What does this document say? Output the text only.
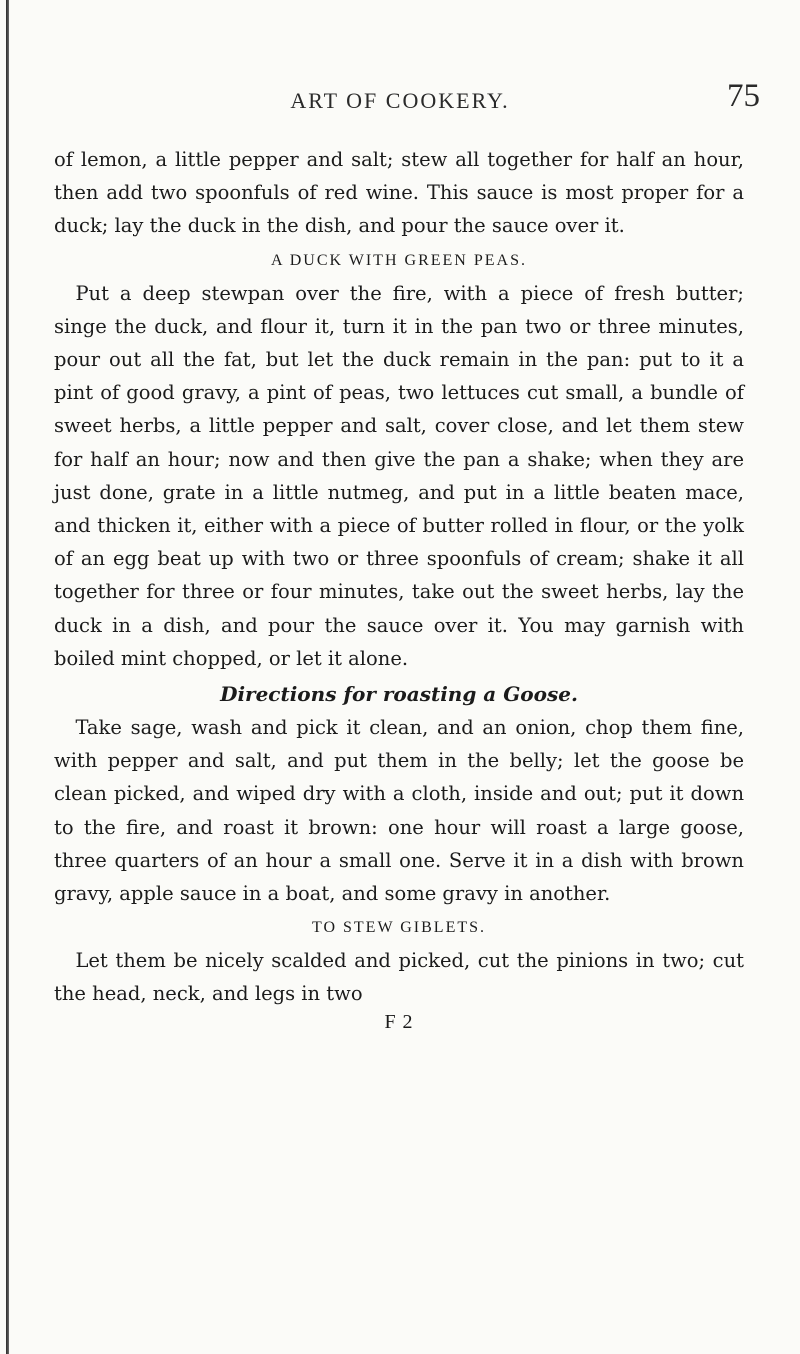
ART OF COOKERY.	75

of lemon, a little pepper and salt; stew all together for half an hour, then add two spoonfuls of red wine. This sauce is most proper for a duck; lay the duck in the dish, and pour the sauce over it.

A DUCK WITH GREEN PEAS.

Put a deep stewpan over the fire, with a piece of fresh butter; singe the duck, and flour it, turn it in the pan two or three minutes, pour out all the fat, but let the duck remain in the pan: put to it a pint of good gravy, a pint of peas, two lettuces cut small, a bundle of sweet herbs, a little pepper and salt, cover close, and let them stew for half an hour; now and then give the pan a shake; when they are just done, grate in a little nutmeg, and put in a little beaten mace, and thicken it, either with a piece of butter rolled in flour, or the yolk of an egg beat up with two or three spoonfuls of cream; shake it all together for three or four minutes, take out the sweet herbs, lay the duck in a dish, and pour the sauce over it. You may garnish with boiled mint chopped, or let it alone.

Directions for roasting a Goose.

Take sage, wash and pick it clean, and an onion, chop them fine, with pepper and salt, and put them in the belly; let the goose be clean picked, and wiped dry with a cloth, inside and out; put it down to the fire, and roast it brown: one hour will roast a large goose, three quarters of an hour a small one. Serve it in a dish with brown gravy, apple sauce in a boat, and some gravy in another.

TO STEW GIBLETS.

Let them be nicely scalded and picked, cut the pinions in two; cut the head, neck, and legs in two

F 2
